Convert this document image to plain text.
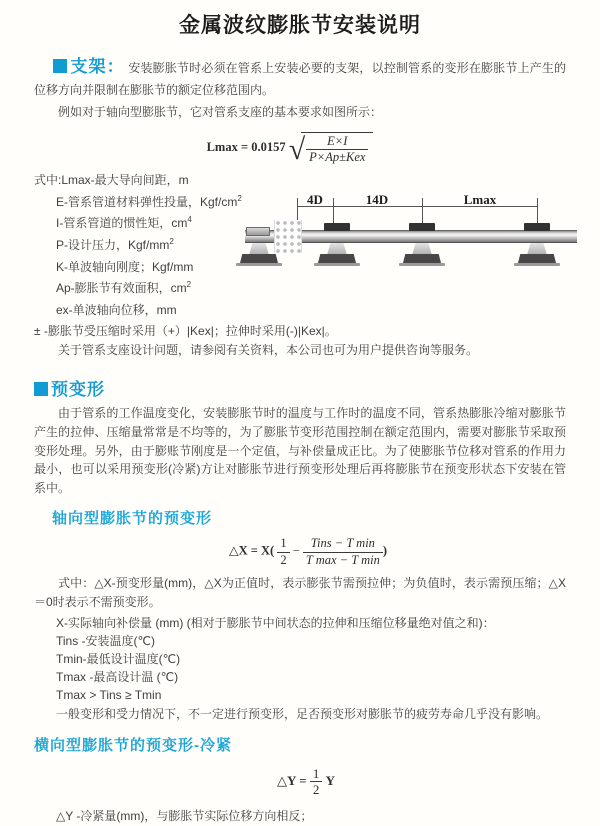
金属波纹膨胀节安装说明

支架： 安装膨胀节时必须在管系上安装必要的支架，以控制管系的变形在膨胀节上产生的位移方向并限制在膨胀节的额定位移范围内。

例如对于轴向型膨胀节，它对管系支座的基本要求如图所示：

Lmax = 0.0157 √ $\frac{E\times I}{\text{P×Ap±Kex}}$
式中:Lmax-最大导向间距，m
E-管系管道材料弹性投量，Kgf/$cm^2$
I-管系管道的惯性矩，$cm^4$
P-设计压力，Kgf/$mm^2$
K-单波轴向刚度；Kgf/mm
Ap-膨胀节有效面积，$cm^2$
ex-单波轴向位移，mm
± -膨胀节受压缩时采用（+）|Kex|；拉伸时采用(-)|Kex|。
关于管系支座设计问题，请参阅有关资料，本公司也可为用户提供咨询等服务。
预变形

由于管系的工作温度变化，安装膨胀节时的温度与工作时的温度不同，管系热膨胀冷缩对膨胀节产生的拉伸、压缩量常常是不均等的，为了膨胀节变形范围控制在额定范围内，需要对膨胀节采取预变形处理。另外，由于膨账节刚度是一个定值，与补偿量成正比。为了使膨胀节位移对管系的作用力最小，也可以采用预变形(冷紧)方让对膨胀节进行预变形处理后再将膨胀节在预变形状态下安装在管系中。

轴向型膨胀节的预变形
△X = $X( \frac{1}{2} - \frac{\text{Tins − T min}}{\text{T max − T min}}$ )

式中：△X-预变形量(mm)，△X为正值时，表示膨张节需预拉伸；为负值时，表示需预压缩；△X＝0时表示不需预变形。

X-实际轴向补偿量 (mm) (相对于膨胀节中间状态的拉伸和压缩位移量绝对值之和)：
Tins -安装温度(℃)
Tmin-最低设计温度(℃)
Tmax -最高设计温 (℃)
Tmax > Tins ≥ Tmin
一般变形和受力情况下，不一定进行预变形，足否预变形对膨胀节的疲劳寿命几乎没有影响。
横向型膨胀节的预变形-冷紧
△Y = $\frac{1}{2}$ Y
△Y -冷紧量(mm)，与膨胀节实际位移方向相反；
4D	14D	Lmax
